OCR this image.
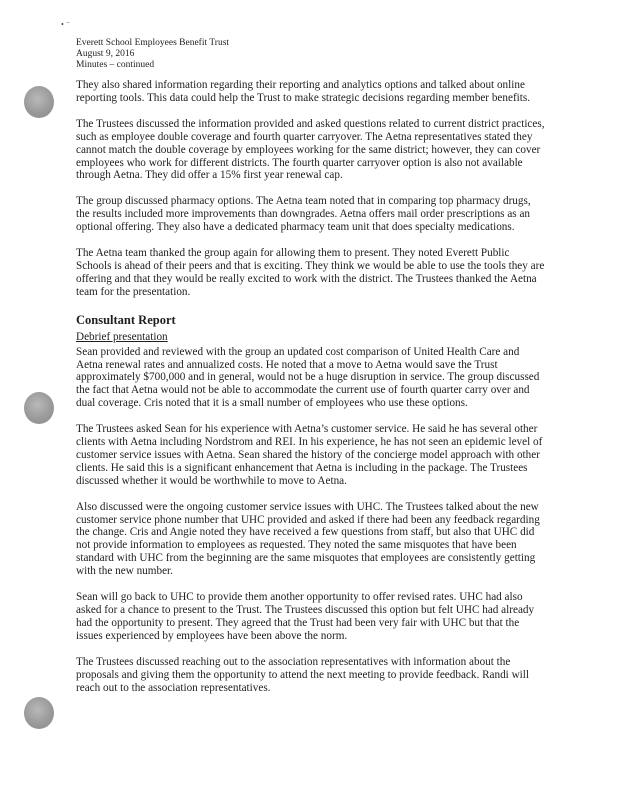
• ⁻
Everett School Employees Benefit Trust
August 9, 2016
Minutes – continued

They also shared information regarding their reporting and analytics options and talked about online reporting tools. This data could help the Trust to make strategic decisions regarding member benefits.

The Trustees discussed the information provided and asked questions related to current district practices, such as employee double coverage and fourth quarter carryover. The Aetna representatives stated they cannot match the double coverage by employees working for the same district; however, they can cover employees who work for different districts. The fourth quarter carryover option is also not available through Aetna. They did offer a 15% first year renewal cap.

The group discussed pharmacy options. The Aetna team noted that in comparing top pharmacy drugs, the results included more improvements than downgrades. Aetna offers mail order prescriptions as an optional offering. They also have a dedicated pharmacy team unit that does specialty medications.

The Aetna team thanked the group again for allowing them to present. They noted Everett Public Schools is ahead of their peers and that is exciting. They think we would be able to use the tools they are offering and that they would be really excited to work with the district. The Trustees thanked the Aetna team for the presentation.

Consultant Report
Debrief presentation

Sean provided and reviewed with the group an updated cost comparison of United Health Care and Aetna renewal rates and annualized costs. He noted that a move to Aetna would save the Trust approximately $700,000 and in general, would not be a huge disruption in service. The group discussed the fact that Aetna would not be able to accommodate the current use of fourth quarter carry over and dual coverage. Cris noted that it is a small number of employees who use these options.

The Trustees asked Sean for his experience with Aetna’s customer service. He said he has several other clients with Aetna including Nordstrom and REI. In his experience, he has not seen an epidemic level of customer service issues with Aetna. Sean shared the history of the concierge model approach with other clients. He said this is a significant enhancement that Aetna is including in the package. The Trustees discussed whether it would be worthwhile to move to Aetna.

Also discussed were the ongoing customer service issues with UHC. The Trustees talked about the new customer service phone number that UHC provided and asked if there had been any feedback regarding the change. Cris and Angie noted they have received a few questions from staff, but also that UHC did not provide information to employees as requested. They noted the same misquotes that have been standard with UHC from the beginning are the same misquotes that employees are consistently getting with the new number.

Sean will go back to UHC to provide them another opportunity to offer revised rates. UHC had also asked for a chance to present to the Trust. The Trustees discussed this option but felt UHC had already had the opportunity to present. They agreed that the Trust had been very fair with UHC but that the issues experienced by employees have been above the norm.

The Trustees discussed reaching out to the association representatives with information about the proposals and giving them the opportunity to attend the next meeting to provide feedback. Randi will reach out to the association representatives.
